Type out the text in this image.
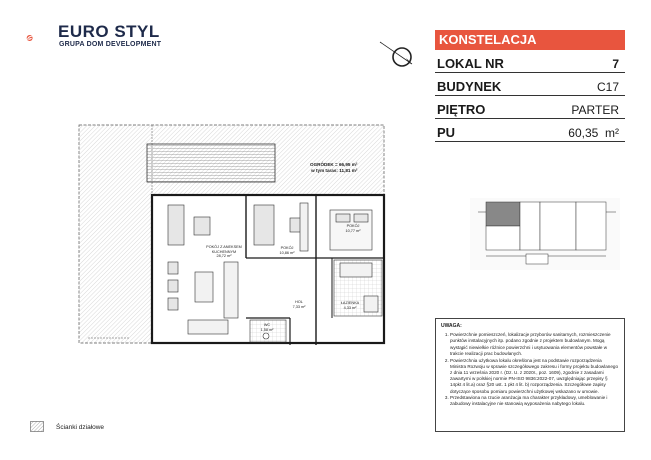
EURO STYL
GRUPA DOM DEVELOPMENT	KONSTELACJA
LOKAL NR	7
BUDYNEK	C17
PIĘTRO	PARTER
PU	60,35 m²
OGRÓDEK = 66,95 m²
w tym taras: 11,81 m²
POKÓJ Z ANEKSEM KUCHENNYM
28,72 m²
POKÓJ
10,86 m²
POKÓJ
10,77 m²
HOL
7,33 m²
ŁAZIENKA
4,33 m²
WC
1,58 m²
UWAGA:
1. Powierzchnie pomieszczeń, lokalizacje przyborów sanitarnych, rozmieszczenie punktów instalacyjnych itp. podano zgodnie z projektem budowlanym. Mogą wystąpić niewielkie różnice powierzchni i usytuowania elementów powstałe w trakcie realizacji prac budowlanych.
2. Powierzchnia użytkowa lokalu określona jest na podstawie rozporządzenia Ministra Rozwoju w sprawie szczegółowego zakresu i formy projektu budowlanego z dnia 11 września 2020 r. (Dz. U. z 2020r., poz. 1609), zgodnie z zasadami zawartymi w polskiej normie PN-ISO 9836:2022-07, uwzględniając przepisy § 14pkt 4 lit.a) oraz §20 ust. 1 pkt 4 lit. b) rozporządzenia. Szczegółowe zapisy dotyczące sposobu pomiaru powierzchni użytkowej wskazano w umowie.
3. Przedstawiona na rzucie aranżacja ma charakter przykładowy, umeblowanie i zabudowy instalacyjne nie stanowią wyposażenia nabytego lokalu.
Ścianki działowe
